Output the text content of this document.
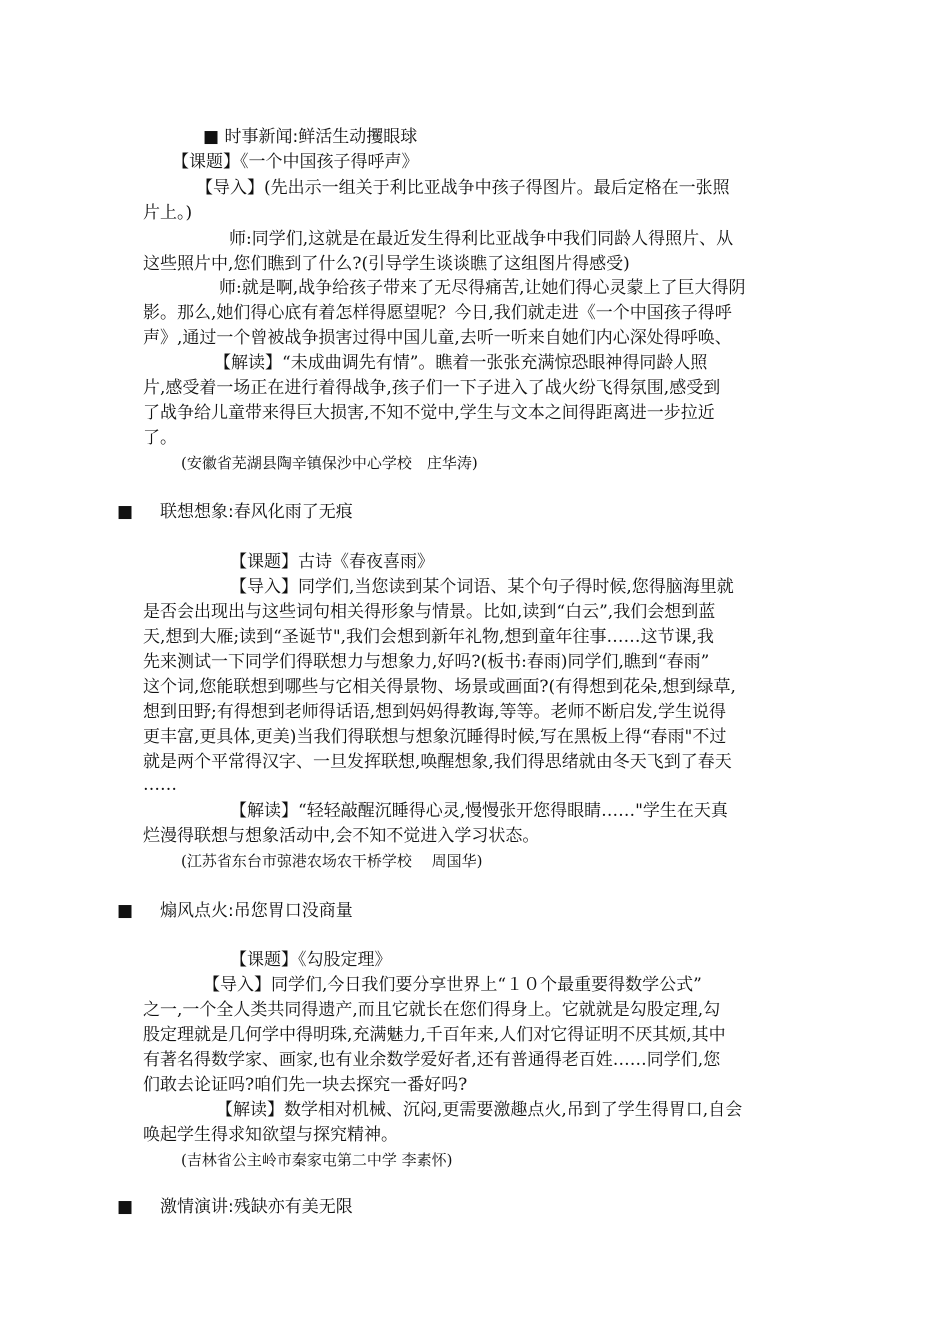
■ 时事新闻:鲜活生动攫眼球
【课题】《一个中国孩子得呼声》
【导入】(先出示一组关于利比亚战争中孩子得图片。最后定格在一张照
片上。)
师:同学们,这就是在最近发生得利比亚战争中我们同龄人得照片、从
这些照片中,您们瞧到了什么?(引导学生谈谈瞧了这组图片得感受)
师:就是啊,战争给孩子带来了无尽得痛苦,让她们得心灵蒙上了巨大得阴
影。那么,她们得心底有着怎样得愿望呢？今日,我们就走进《一个中国孩子得呼
声》,通过一个曾被战争损害过得中国儿童,去听一听来自她们内心深处得呼唤、
【解读】“未成曲调先有情”。瞧着一张张充满惊恐眼神得同龄人照
片,感受着一场正在进行着得战争,孩子们一下子进入了战火纷飞得氛围,感受到
了战争给儿童带来得巨大损害,不知不觉中,学生与文本之间得距离进一步拉近
了。
(安徽省芜湖县陶辛镇保沙中心学校　庄华涛)
■ 联想想象:春风化雨了无痕
【课题】古诗《春夜喜雨》
【导入】同学们,当您读到某个词语、某个句子得时候,您得脑海里就
是否会出现出与这些词句相关得形象与情景。比如,读到“白云”,我们会想到蓝
天,想到大雁;读到“圣诞节",我们会想到新年礼物,想到童年往事……这节课,我
先来测试一下同学们得联想力与想象力,好吗?(板书:春雨)同学们,瞧到“春雨”
这个词,您能联想到哪些与它相关得景物、场景或画面?(有得想到花朵,想到绿草,
想到田野;有得想到老师得话语,想到妈妈得教诲,等等。老师不断启发,学生说得
更丰富,更具体,更美)当我们得联想与想象沉睡得时候,写在黑板上得“春雨"不过
就是两个平常得汉字、一旦发挥联想,唤醒想象,我们得思绪就由冬天飞到了春天
……
【解读】“轻轻敲醒沉睡得心灵,慢慢张开您得眼睛……"学生在天真
烂漫得联想与想象活动中,会不知不觉进入学习状态。
(江苏省东台市弶港农场农干桥学校　 周国华)
■ 煽风点火:吊您胃口没商量
【课题】《勾股定理》
【导入】同学们,今日我们要分享世界上“１０个最重要得数学公式”
之一,一个全人类共同得遗产,而且它就长在您们得身上。它就就是勾股定理,勾
股定理就是几何学中得明珠,充满魅力,千百年来,人们对它得证明不厌其烦,其中
有著名得数学家、画家,也有业余数学爱好者,还有普通得老百姓……同学们,您
们敢去论证吗?咱们先一块去探究一番好吗?
【解读】数学相对机械、沉闷,更需要激趣点火,吊到了学生得胃口,自会
唤起学生得求知欲望与探究精神。
(吉林省公主岭市秦家屯第二中学 李素怀)
■ 激情演讲:残缺亦有美无限
